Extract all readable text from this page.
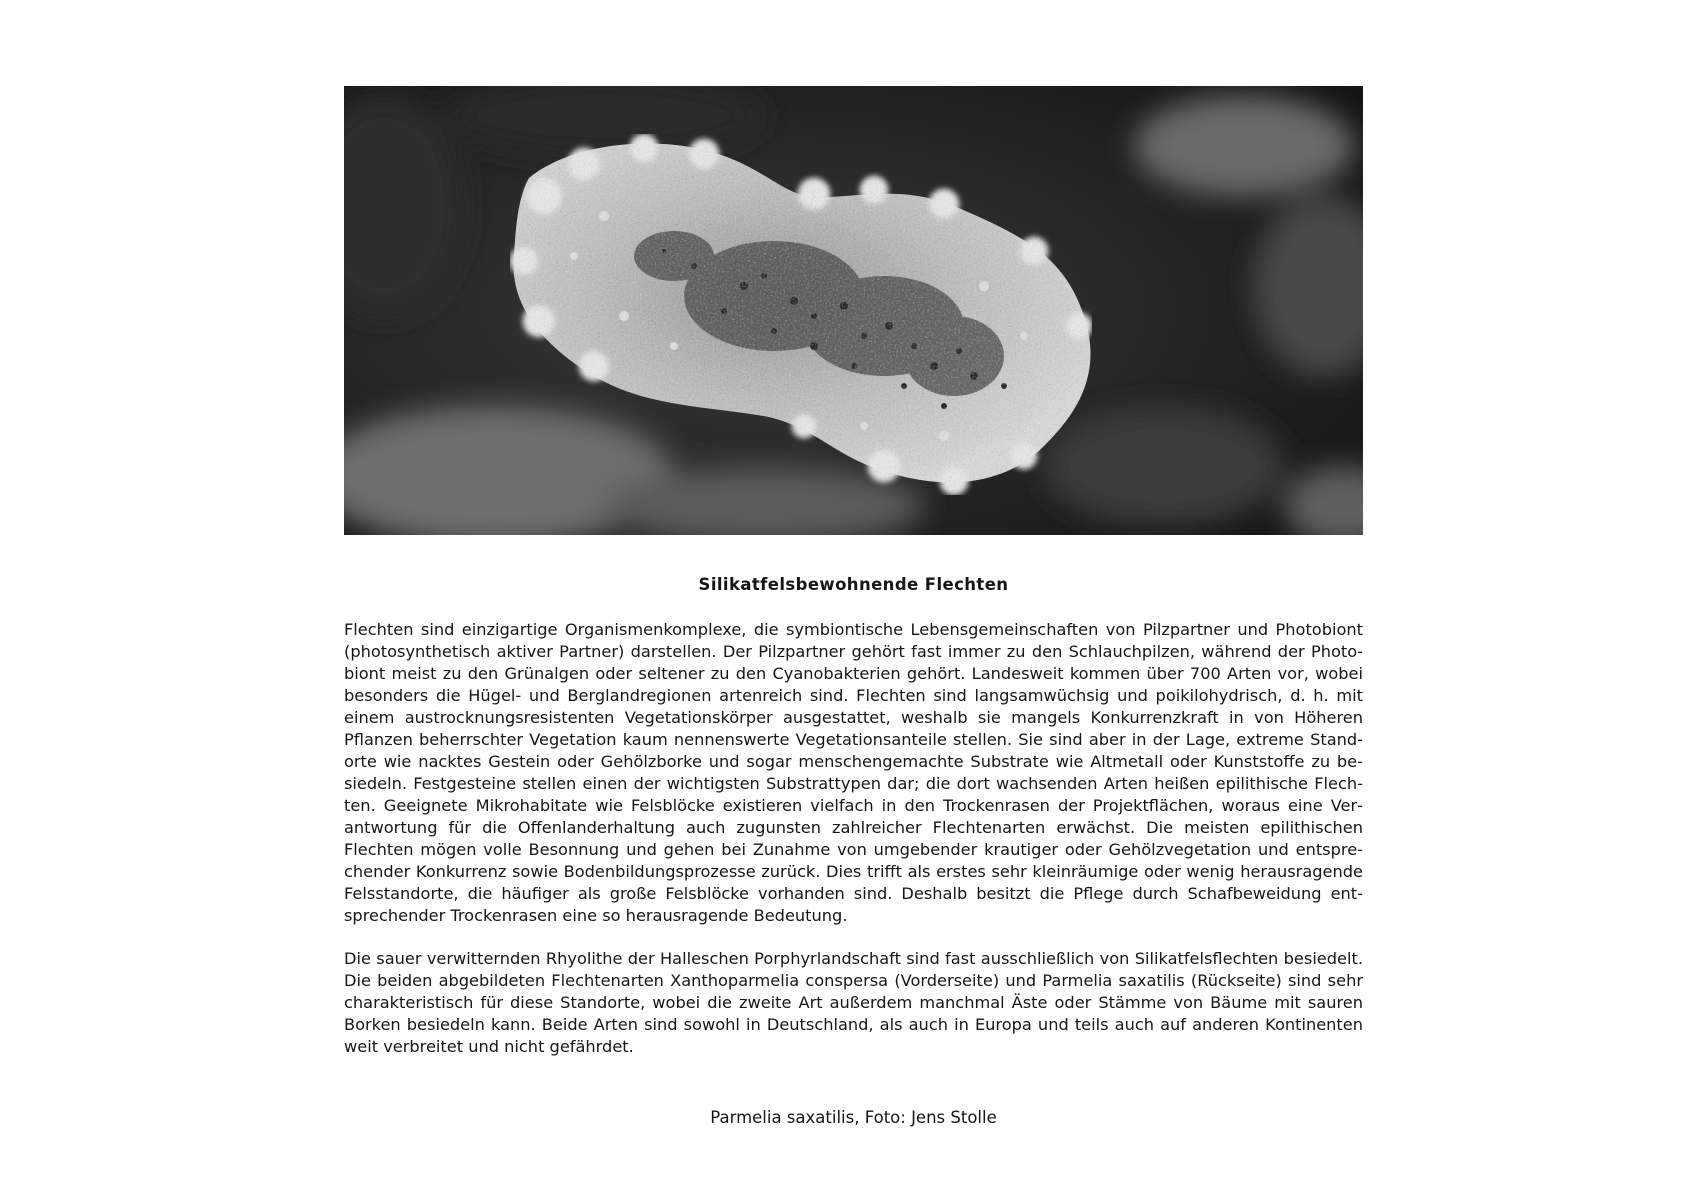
Silikatfelsbewohnende Flechten

Flechten sind einzigartige Organismenkomplexe, die symbiontische Lebensgemeinschaften von Pilzpartner und Photobiont (photosynthetisch aktiver Partner) darstellen. Der Pilzpartner gehört fast immer zu den Schlauchpilzen, während der Photobiont meist zu den Grünalgen oder seltener zu den Cyanobakterien gehört. Landesweit kommen über 700 Arten vor, wobei besonders die Hügel- und Berglandregionen artenreich sind. Flechten sind langsamwüchsig und poikilohydrisch, d. h. mit einem austrocknungsresistenten Vegetationskörper ausgestattet, weshalb sie mangels Konkurrenzkraft in von Höheren Pflanzen beherrschter Vegetation kaum nennenswerte Vegetationsanteile stellen. Sie sind aber in der Lage, extreme Standorte wie nacktes Gestein oder Gehölzborke und sogar menschengemachte Substrate wie Altmetall oder Kunststoffe zu besiedeln. Festgesteine stellen einen der wichtigsten Substrattypen dar; die dort wachsenden Arten heißen epilithische Flechten. Geeignete Mikrohabitate wie Felsblöcke existieren vielfach in den Trockenrasen der Projektflächen, woraus eine Verantwortung für die Offenlanderhaltung auch zugunsten zahlreicher Flechtenarten erwächst. Die meisten epilithischen Flechten mögen volle Besonnung und gehen bei Zunahme von umgebender krautiger oder Gehölzvegetation und entsprechender Konkurrenz sowie Bodenbildungsprozesse zurück. Dies trifft als erstes sehr kleinräumige oder wenig herausragende Felsstandorte, die häufiger als große Felsblöcke vorhanden sind. Deshalb besitzt die Pflege durch Schafbeweidung entsprechender Trockenrasen eine so herausragende Bedeutung.

Die sauer verwitternden Rhyolithe der Halleschen Porphyrlandschaft sind fast ausschließlich von Silikatfelsflechten besiedelt. Die beiden abgebildeten Flechtenarten Xanthoparmelia conspersa (Vorderseite) und Parmelia saxatilis (Rückseite) sind sehr charakteristisch für diese Standorte, wobei die zweite Art außerdem manchmal Äste oder Stämme von Bäume mit sauren Borken besiedeln kann. Beide Arten sind sowohl in Deutschland, als auch in Europa und teils auch auf anderen Kontinenten weit verbreitet und nicht gefährdet.

Parmelia saxatilis, Foto: Jens Stolle
